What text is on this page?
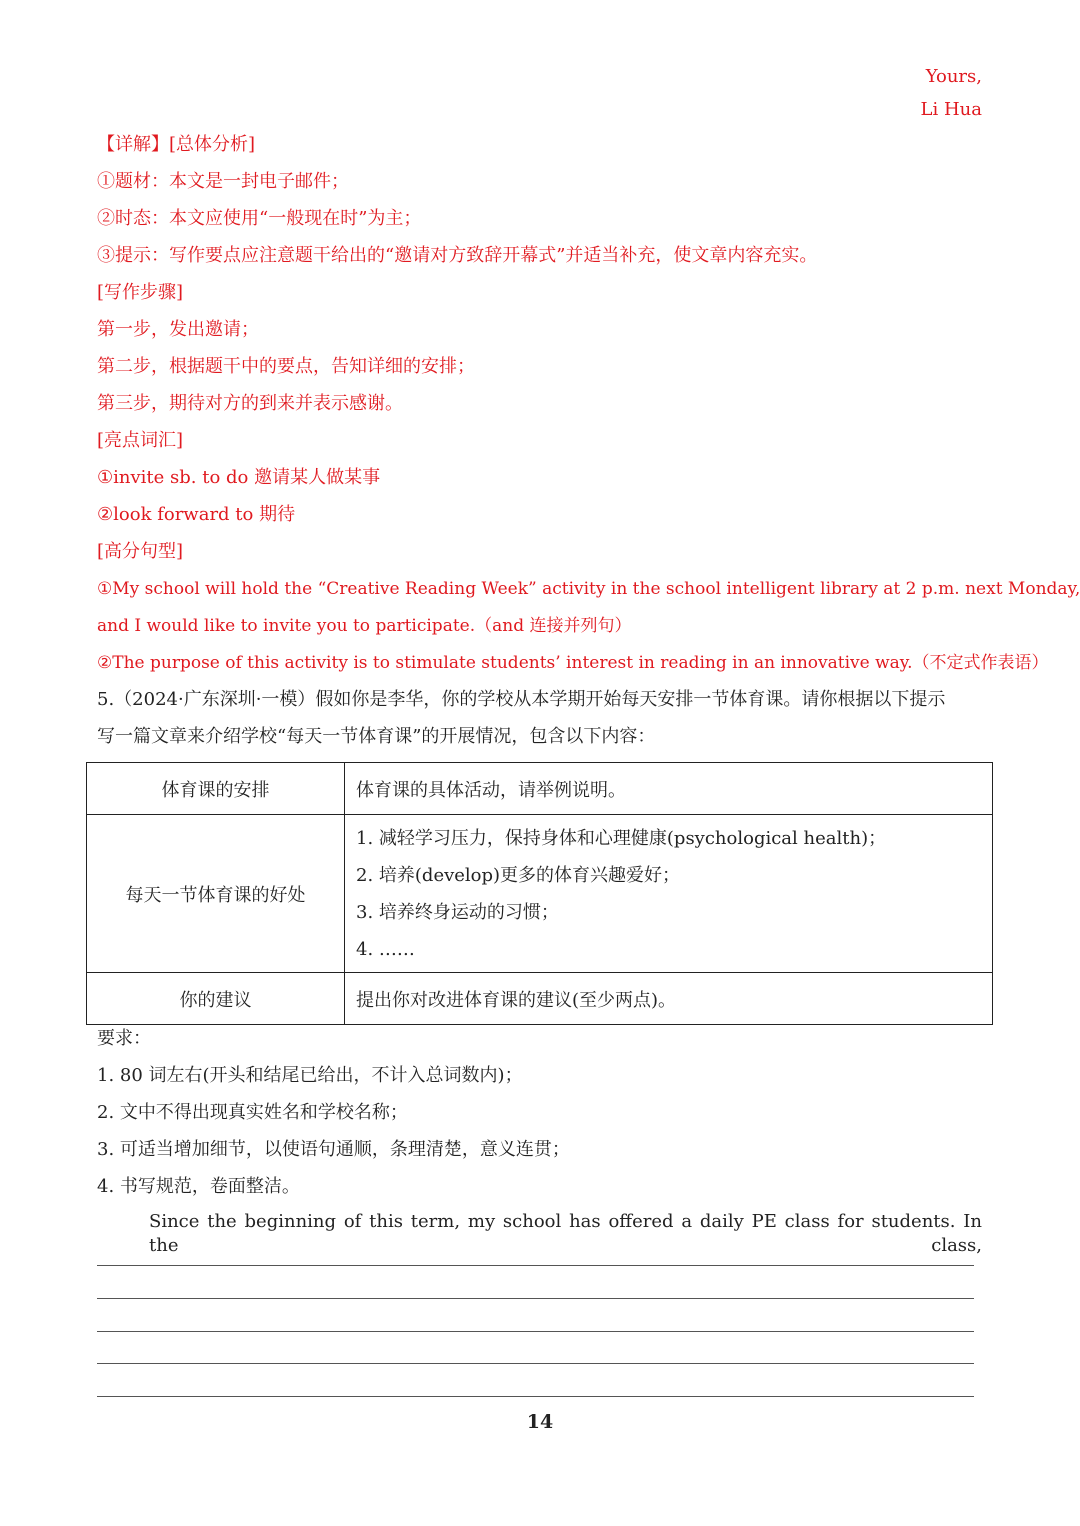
Yours,
Li Hua
【详解】[总体分析]
①题材：本文是一封电子邮件；
②时态：本文应使用“一般现在时”为主；
③提示：写作要点应注意题干给出的“邀请对方致辞开幕式”并适当补充，使文章内容充实。
[写作步骤]
第一步，发出邀请；
第二步，根据题干中的要点，告知详细的安排；
第三步，期待对方的到来并表示感谢。
[亮点词汇]
①invite sb. to do 邀请某人做某事
②look forward to 期待
[高分句型]
①My school will hold the “Creative Reading Week” activity in the school intelligent library at 2 p.m. next Monday,
and I would like to invite you to participate.（and 连接并列句）
②The purpose of this activity is to stimulate students’ interest in reading in an innovative way.（不定式作表语）
5.（2024·广东深圳·一模）假如你是李华，你的学校从本学期开始每天安排一节体育课。请你根据以下提示
写一篇文章来介绍学校“每天一节体育课”的开展情况，包含以下内容：
体育课的安排	体育课的具体活动，请举例说明。
每天一节体育课的好处	1. 减轻学习压力，保持身体和心理健康(psychological health)；
2. 培养(develop)更多的体育兴趣爱好；
3. 培养终身运动的习惯；
4. ……

你的建议	提出你对改进体育课的建议(至少两点)。
要求：
1. 80 词左右(开头和结尾已给出，不计入总词数内)；
2. 文中不得出现真实姓名和学校名称；
3. 可适当增加细节，以使语句通顺，条理清楚，意义连贯；
4. 书写规范，卷面整洁。
Since the beginning of this term, my school has offered a daily PE class for students. In the class,
14
